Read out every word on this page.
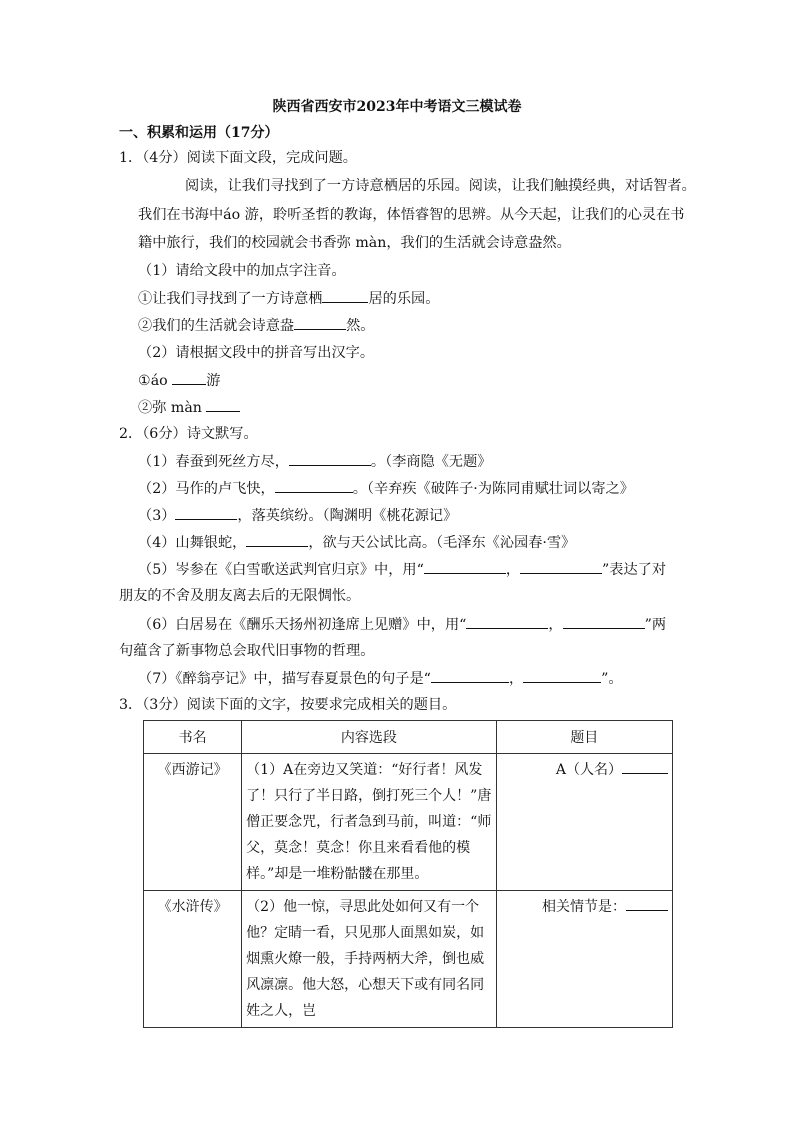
陕西省西安市2023年中考语文三模试卷
一、积累和运用（17分）
1．（4分）阅读下面文段，完成问题。
阅读，让我们寻找到了一方诗意栖居的乐园。阅读，让我们触摸经典，对话智者。
我们在书海中áo 游，聆听圣哲的教诲，体悟睿智的思辨。从今天起，让我们的心灵在书
籍中旅行，我们的校园就会书香弥 màn，我们的生活就会诗意盎然。
（1）请给文段中的加点字注音。
①让我们寻找到了一方诗意栖	居的乐园。
②我们的生活就会诗意盎	然。
（2）请根据文段中的拼音写出汉字。
①áo 游
②弥 màn
2．（6分）诗文默写。
（1）春蚕到死丝方尽，	。（李商隐《无题》
（2）马作的卢飞快，	。（辛弃疾《破阵子·为陈同甫赋壮词以寄之》
（3）	，落英缤纷。（陶渊明《桃花源记》
（4）山舞银蛇，	，欲与天公试比高。（毛泽东《沁园春·雪》
（5）岑参在《白雪歌送武判官归京》中，用“	，	”表达了对
朋友的不舍及朋友离去后的无限惆怅。
（6）白居易在《酬乐天扬州初逢席上见赠》中，用“	，	”两
句蕴含了新事物总会取代旧事物的哲理。
（7）《醉翁亭记》中，描写春夏景色的句子是“	，	”。
3．（3分）阅读下面的文字，按要求完成相关的题目。
书名	内容选段	题目
《西游记》	（1）A在旁边又笑道：“好行者！风发了！只行了半日路，倒打死三个人！”唐僧正要念咒，行者急到马前，叫道：“师父，莫念！莫念！你且来看看他的模样。”却是一堆粉骷髅在那里。	A（人名）
《水浒传》	（2）他一惊，寻思此处如何又有一个他？定睛一看，只见那人面黑如炭，如烟熏火燎一般，手持两柄大斧，倒也威风凛凛。他大怒，心想天下或有同名同姓之人，岂	相关情节是：
